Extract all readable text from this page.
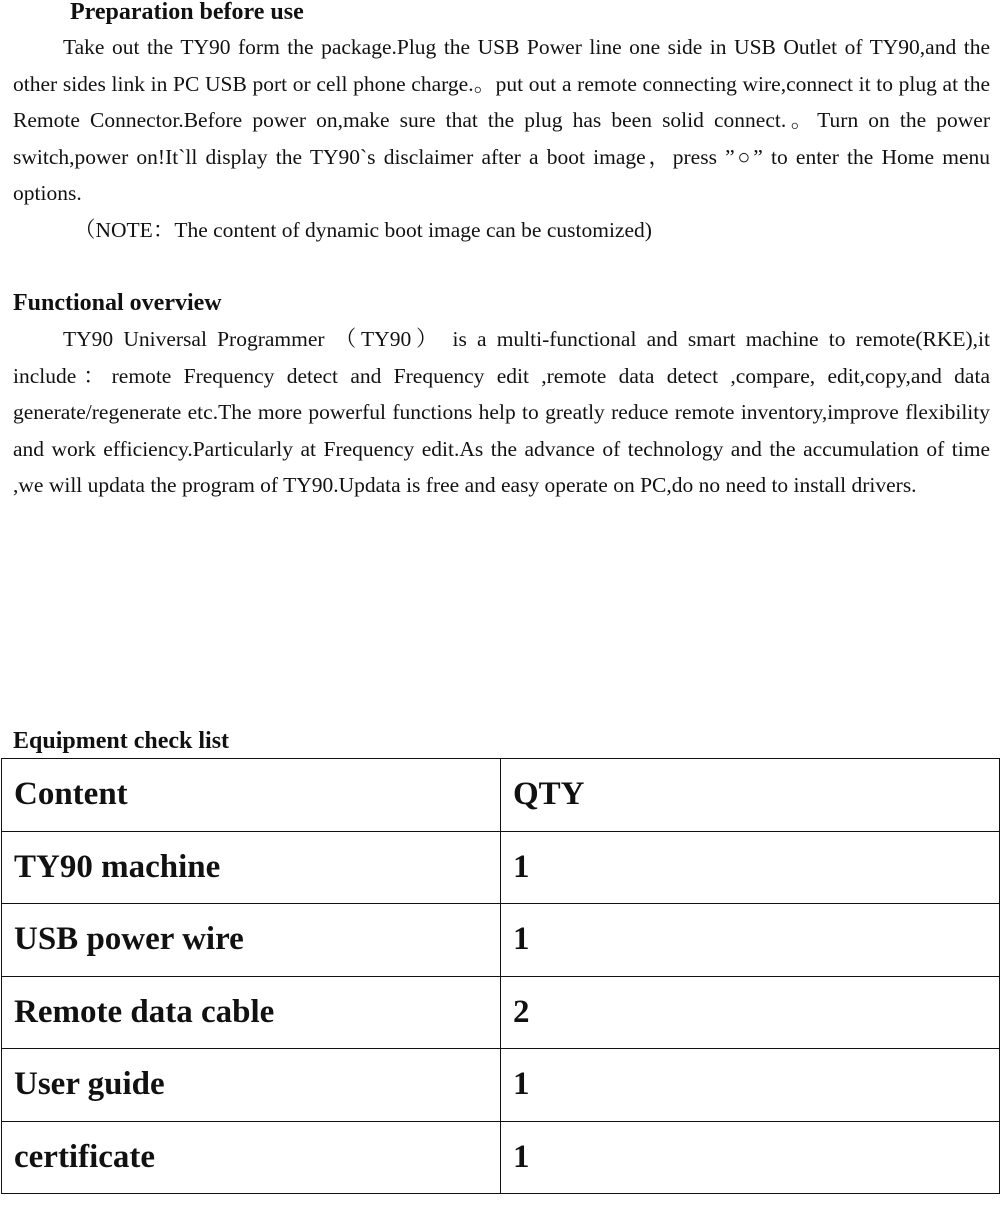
Preparation before use

Take out the TY90 form the package.Plug the USB Power line one side in USB Outlet of TY90,and the other sides link in PC USB port or cell phone charge.。put out a remote connecting wire,connect it to plug at the Remote Connector.Before power on,make sure that the plug has been solid connect.。Turn on the power switch,power on!It`ll display the TY90`s disclaimer after a boot image，press ”○” to enter the Home menu options.

（NOTE：The content of dynamic boot image can be customized)

Functional overview

TY90 Universal Programmer （TY90） is a multi-functional and smart machine to remote(RKE),it include：remote Frequency detect and Frequency edit ,remote data detect ,compare, edit,copy,and data generate/regenerate etc.The more powerful functions help to greatly reduce remote inventory,improve flexibility and work efficiency.Particularly at Frequency edit.As the advance of technology and the accumulation of time ,we will updata the program of TY90.Updata is free and easy operate on PC,do no need to install drivers.

Equipment check list
Content	QTY
TY90 machine	1
USB power wire	1
Remote data cable	2
User guide	1
certificate	1
